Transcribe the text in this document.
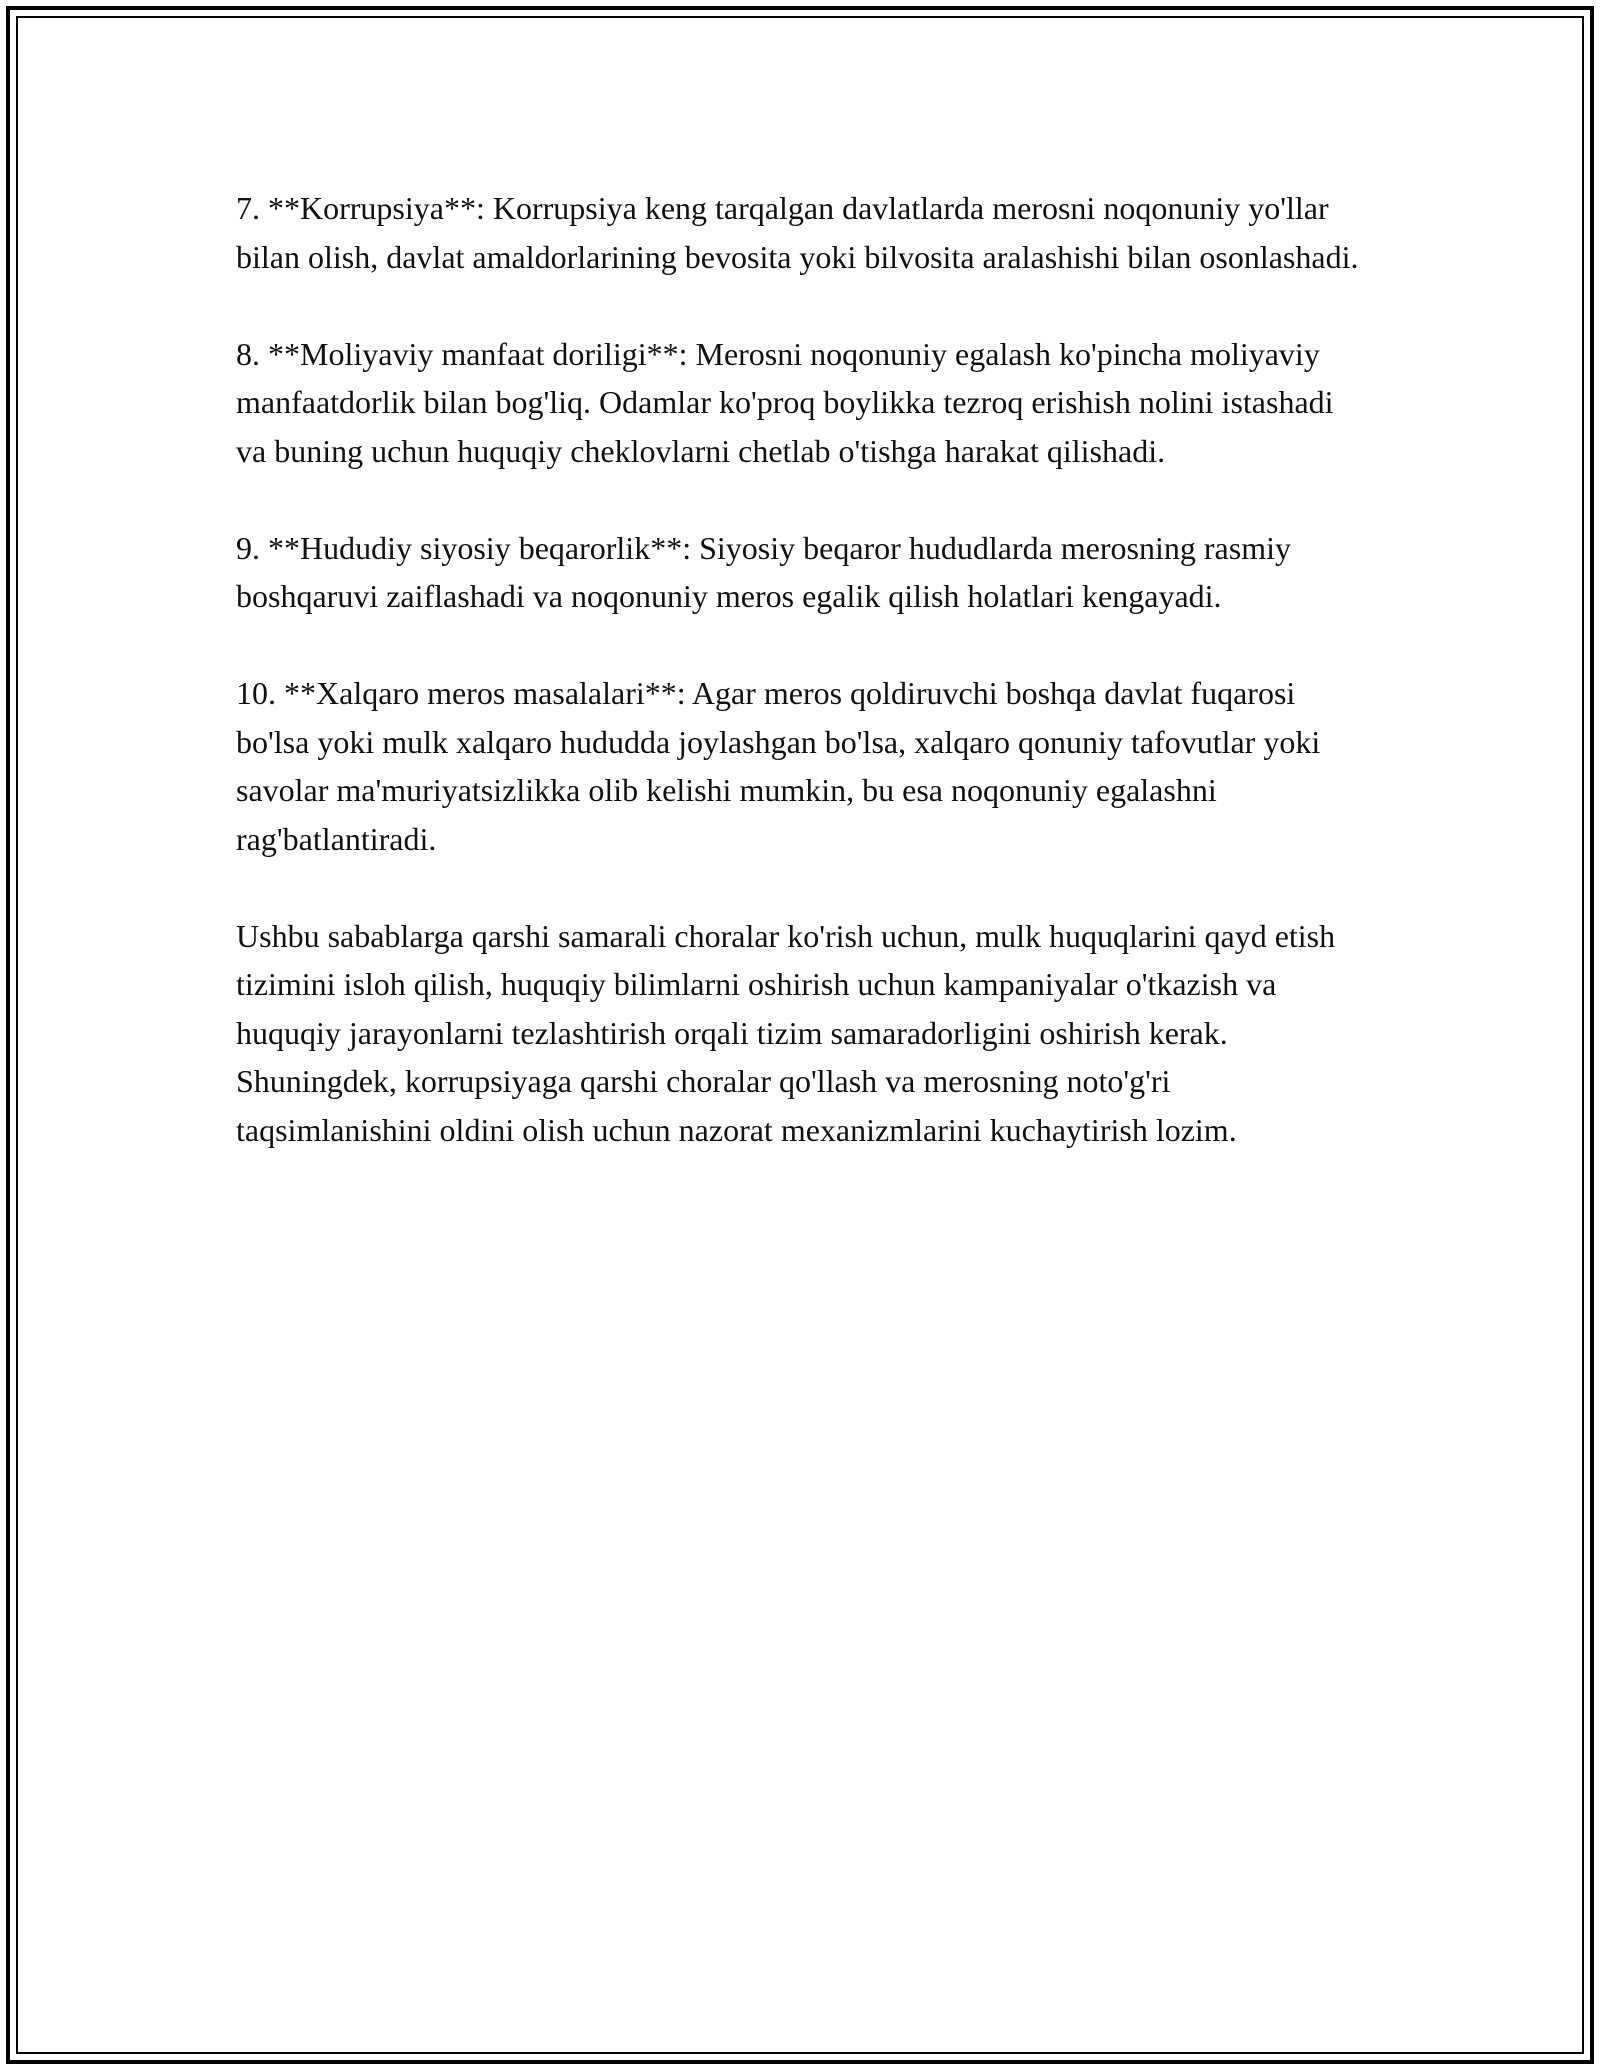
7. **Korrupsiya**: Korrupsiya keng tarqalgan davlatlarda merosni noqonuniy yo'llar bilan olish, davlat amaldorlarining bevosita yoki bilvosita aralashishi bilan osonlashadi.

8. **Moliyaviy manfaat doriligi**: Merosni noqonuniy egalash ko'pincha moliyaviy manfaatdorlik bilan bog'liq. Odamlar ko'proq boylikka tezroq erishish nolini istashadi va buning uchun huquqiy cheklovlarni chetlab o'tishga harakat qilishadi.

9. **Hududiy siyosiy beqarorlik**: Siyosiy beqaror hududlarda merosning rasmiy boshqaruvi zaiflashadi va noqonuniy meros egalik qilish holatlari kengayadi.

10. **Xalqaro meros masalalari**: Agar meros qoldiruvchi boshqa davlat fuqarosi bo'lsa yoki mulk xalqaro hududda joylashgan bo'lsa, xalqaro qonuniy tafovutlar yoki savolar ma'muriyatsizlikka olib kelishi mumkin, bu esa noqonuniy egalashni rag'batlantiradi.

Ushbu sabablarga qarshi samarali choralar ko'rish uchun, mulk huquqlarini qayd etish tizimini isloh qilish, huquqiy bilimlarni oshirish uchun kampaniyalar o'tkazish va huquqiy jarayonlarni tezlashtirish orqali tizim samaradorligini oshirish kerak. Shuningdek, korrupsiyaga qarshi choralar qo'llash va merosning noto'g'ri taqsimlanishini oldini olish uchun nazorat mexanizmlarini kuchaytirish lozim.
